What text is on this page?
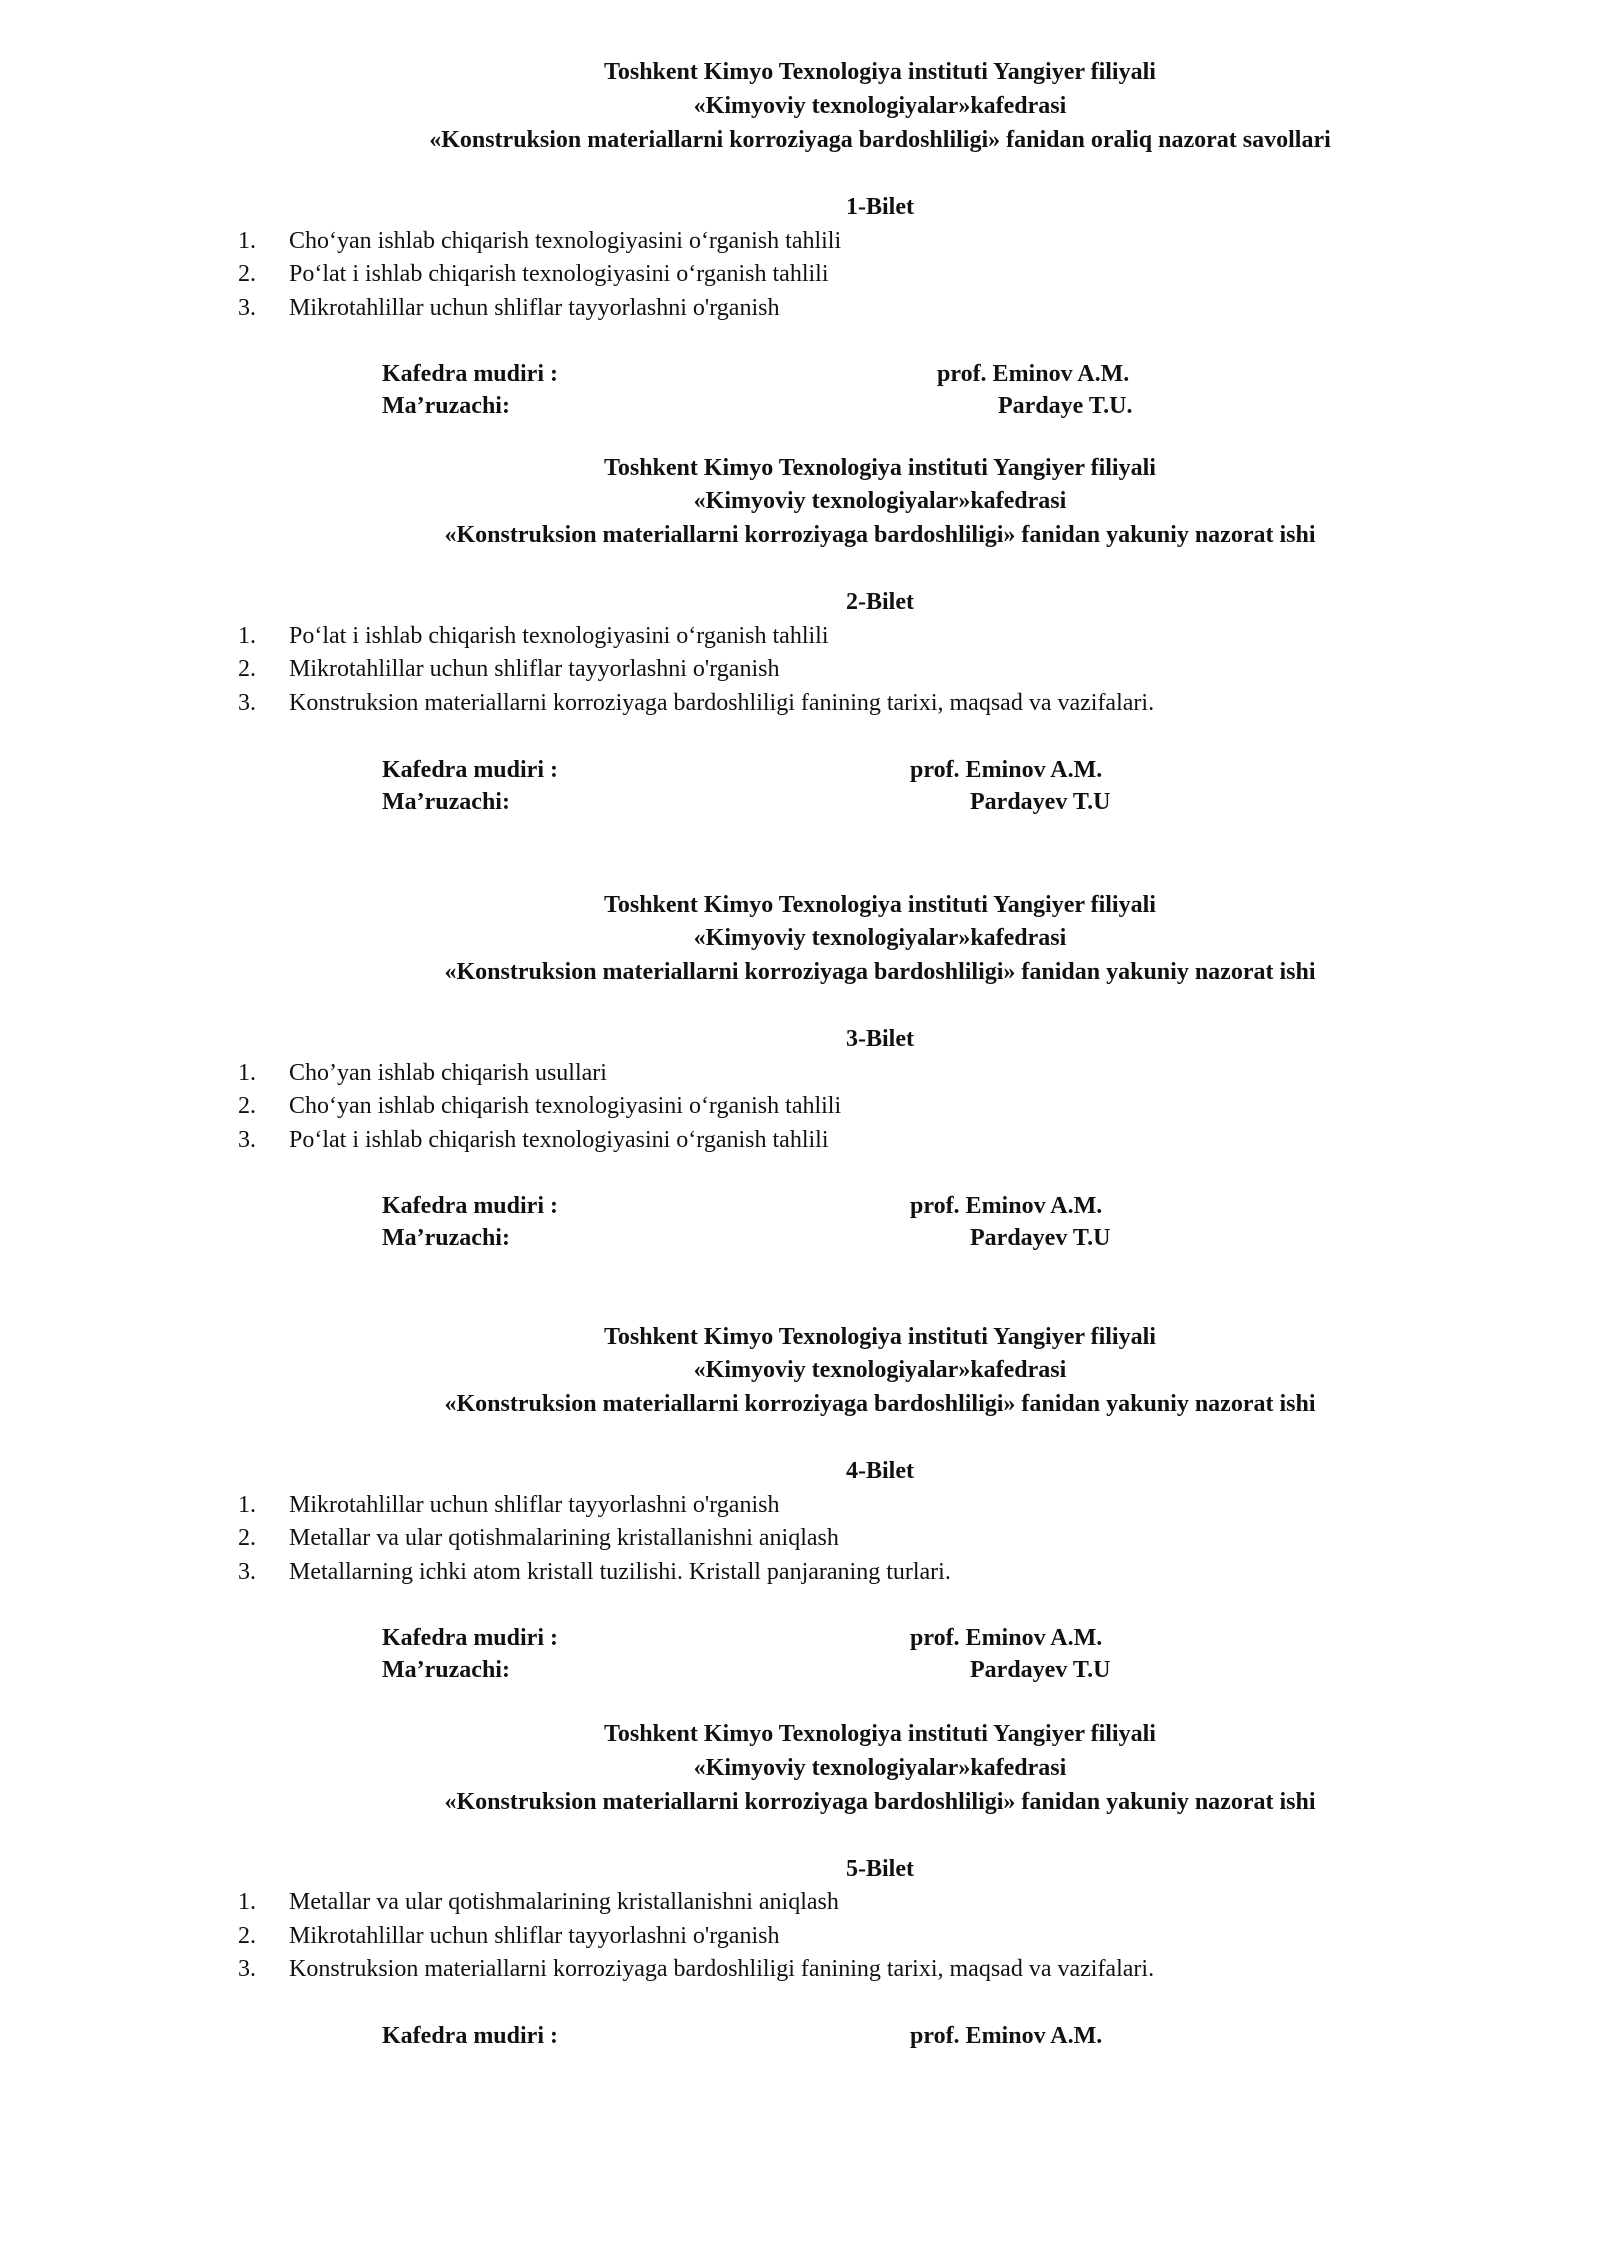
Toshkent Kimyo Texnologiya instituti Yangiyer filiyali
«Kimyoviy texnologiyalar»kafedrasi
«Konstruksion materiallarni korroziyaga bardoshliligi» fanidan oraliq nazorat savollari
1-Bilet
1. Cho‘yan ishlab chiqarish texnologiyasini o‘rganish tahlili
2. Po‘lat i ishlab chiqarish texnologiyasini o‘rganish tahlili
3. Mikrotahlillar uchun shliflar tayyorlashni o'rganish
Kafedra mudiri :	prof. Eminov A.M.
Ma’ruzachi:	Pardaye T.U.
Toshkent Kimyo Texnologiya instituti Yangiyer filiyali
«Kimyoviy texnologiyalar»kafedrasi
«Konstruksion materiallarni korroziyaga bardoshliligi» fanidan yakuniy nazorat ishi
2-Bilet
1. Po‘lat i ishlab chiqarish texnologiyasini o‘rganish tahlili
2. Mikrotahlillar uchun shliflar tayyorlashni o'rganish
3. Konstruksion materiallarni korroziyaga bardoshliligi fanining tarixi, maqsad va vazifalari.
Kafedra mudiri :	prof. Eminov A.M.
Ma’ruzachi:	Pardayev T.U
Toshkent Kimyo Texnologiya instituti Yangiyer filiyali
«Kimyoviy texnologiyalar»kafedrasi
«Konstruksion materiallarni korroziyaga bardoshliligi» fanidan yakuniy nazorat ishi
3-Bilet
1. Cho’yan ishlab chiqarish usullari
2. Cho‘yan ishlab chiqarish texnologiyasini o‘rganish tahlili
3. Po‘lat i ishlab chiqarish texnologiyasini o‘rganish tahlili
Kafedra mudiri :	prof. Eminov A.M.
Ma’ruzachi:	Pardayev T.U
Toshkent Kimyo Texnologiya instituti Yangiyer filiyali
«Kimyoviy texnologiyalar»kafedrasi
«Konstruksion materiallarni korroziyaga bardoshliligi» fanidan yakuniy nazorat ishi
4-Bilet
1. Mikrotahlillar uchun shliflar tayyorlashni o'rganish
2. Metallar va ular qotishmalarining kristallanishni aniqlash
3. Metallarning ichki atom kristall tuzilishi. Kristall panjaraning turlari.
Kafedra mudiri :	prof. Eminov A.M.
Ma’ruzachi:	Pardayev T.U
Toshkent Kimyo Texnologiya instituti Yangiyer filiyali
«Kimyoviy texnologiyalar»kafedrasi
«Konstruksion materiallarni korroziyaga bardoshliligi» fanidan yakuniy nazorat ishi
5-Bilet
1. Metallar va ular qotishmalarining kristallanishni aniqlash
2. Mikrotahlillar uchun shliflar tayyorlashni o'rganish
3. Konstruksion materiallarni korroziyaga bardoshliligi fanining tarixi, maqsad va vazifalari.
Kafedra mudiri :	prof. Eminov A.M.
